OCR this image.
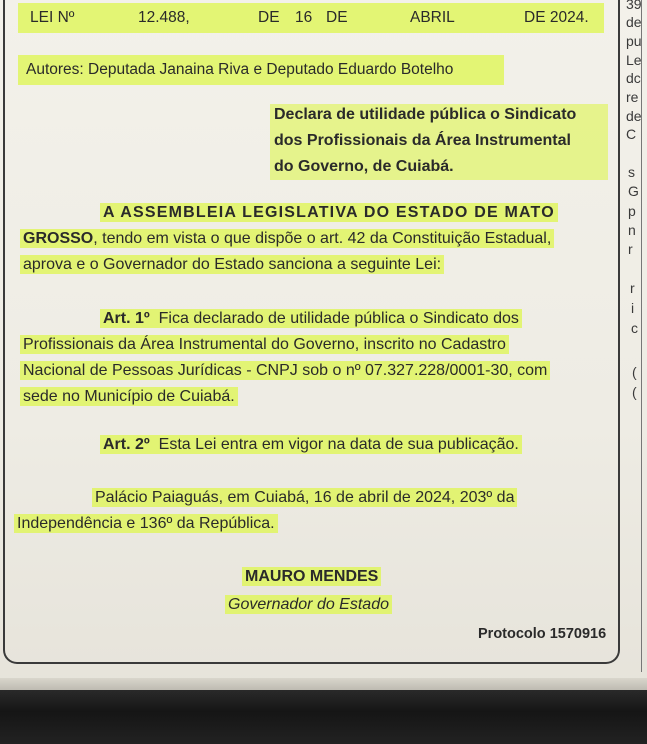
LEI Nº	12.488,	DE 16 DE	ABRIL	DE 2024.
Autores: Deputada Janaina Riva e Deputado Eduardo Botelho
Declara de utilidade pública o Sindicato
dos Profissionais da Área Instrumental
do Governo, de Cuiabá.
A ASSEMBLEIA LEGISLATIVA DO ESTADO DE MATO
GROSSO, tendo em vista o que dispõe o art. 42 da Constituição Estadual,
aprova e o Governador do Estado sanciona a seguinte Lei:
Art. 1º Fica declarado de utilidade pública o Sindicato dos
Profissionais da Área Instrumental do Governo, inscrito no Cadastro
Nacional de Pessoas Jurídicas - CNPJ sob o nº 07.327.228/0001-30, com
sede no Município de Cuiabá.
Art. 2º Esta Lei entra em vigor na data de sua publicação.
Palácio Paiaguás, em Cuiabá, 16 de abril de 2024, 203º da
Independência e 136º da República.
MAURO MENDES
Governador do Estado
Protocolo 1570916
39
de
pu
Le
dc
re
de
C
s
G
p
n
r
r
i
c
(
(
